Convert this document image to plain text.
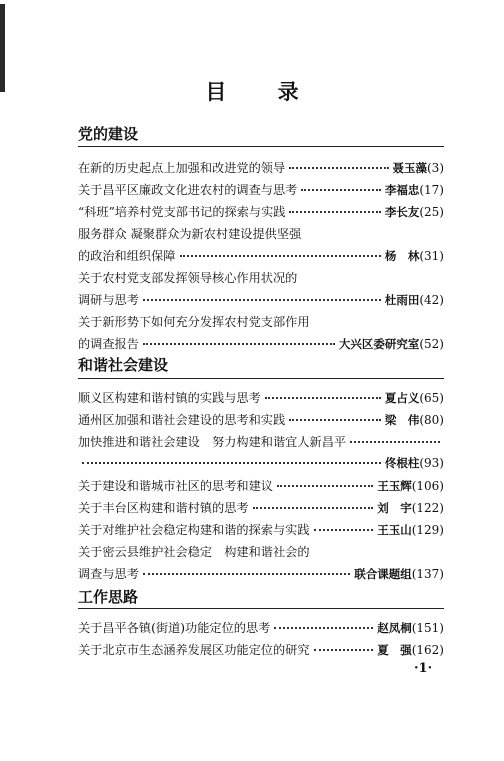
目 录
党的建设
在新的历史起点上加强和改进党的领导	聂玉藻 (3)
关于昌平区廉政文化进农村的调查与思考	李福忠 (17)
“科班”培养村党支部书记的探索与实践	李长友 (25)
服务群众 凝聚群众为新农村建设提供坚强
的政治和组织保障	杨　林 (31)
关于农村党支部发挥领导核心作用状况的
调研与思考	杜雨田 (42)
关于新形势下如何充分发挥农村党支部作用
的调查报告	大兴区委研究室 (52)
和谐社会建设
顺义区构建和谐村镇的实践与思考	夏占义 (65)
通州区加强和谐社会建设的思考和实践	梁　伟 (80)
加快推进和谐社会建设　努力构建和谐宜人新昌平
佟根柱 (93)
关于建设和谐城市社区的思考和建议	王玉辉 (106)
关于丰台区构建和谐村镇的思考	刘　宇 (122)
关于对维护社会稳定构建和谐的探索与实践	王玉山 (129)
关于密云县维护社会稳定　构建和谐社会的
调查与思考	联合课题组 (137)
工作思路
关于昌平各镇(街道)功能定位的思考	赵凤桐 (151)
关于北京市生态涵养发展区功能定位的研究	夏　强 (162)
·1·
